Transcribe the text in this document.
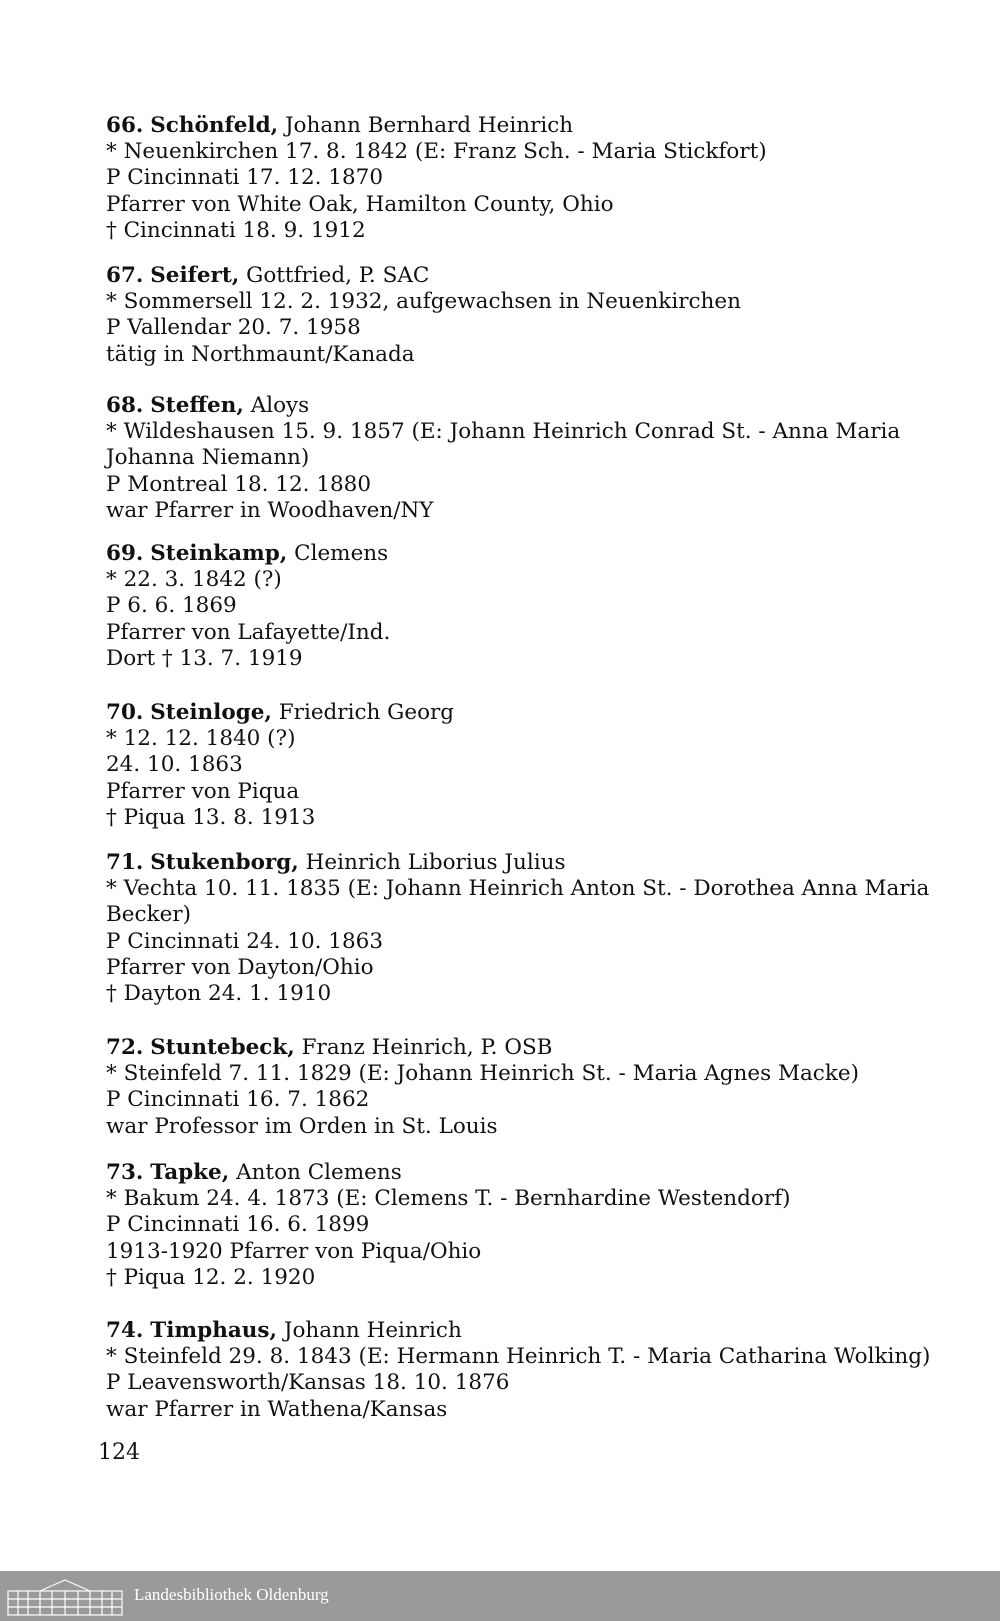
66. Schönfeld, Johann Bernhard Heinrich
* Neuenkirchen 17. 8. 1842 (E: Franz Sch. - Maria Stickfort)
P Cincinnati 17. 12. 1870
Pfarrer von White Oak, Hamilton County, Ohio
† Cincinnati 18. 9. 1912
67. Seifert, Gottfried, P. SAC
* Sommersell 12. 2. 1932, aufgewachsen in Neuenkirchen
P Vallendar 20. 7. 1958
tätig in Northmaunt/Kanada
68. Steffen, Aloys
* Wildeshausen 15. 9. 1857 (E: Johann Heinrich Conrad St. - Anna Maria
Johanna Niemann)
P Montreal 18. 12. 1880
war Pfarrer in Woodhaven/NY
69. Steinkamp, Clemens
* 22. 3. 1842 (?)
P 6. 6. 1869
Pfarrer von Lafayette/Ind.
Dort † 13. 7. 1919
70. Steinloge, Friedrich Georg
* 12. 12. 1840 (?)
24. 10. 1863
Pfarrer von Piqua
† Piqua 13. 8. 1913
71. Stukenborg, Heinrich Liborius Julius
* Vechta 10. 11. 1835 (E: Johann Heinrich Anton St. - Dorothea Anna Maria
Becker)
P Cincinnati 24. 10. 1863
Pfarrer von Dayton/Ohio
† Dayton 24. 1. 1910
72. Stuntebeck, Franz Heinrich, P. OSB
* Steinfeld 7. 11. 1829 (E: Johann Heinrich St. - Maria Agnes Macke)
P Cincinnati 16. 7. 1862
war Professor im Orden in St. Louis
73. Tapke, Anton Clemens
* Bakum 24. 4. 1873 (E: Clemens T. - Bernhardine Westendorf)
P Cincinnati 16. 6. 1899
1913-1920 Pfarrer von Piqua/Ohio
† Piqua 12. 2. 1920
74. Timphaus, Johann Heinrich
* Steinfeld 29. 8. 1843 (E: Hermann Heinrich T. - Maria Catharina Wolking)
P Leavensworth/Kansas 18. 10. 1876
war Pfarrer in Wathena/Kansas
124
Landesbibliothek Oldenburg
